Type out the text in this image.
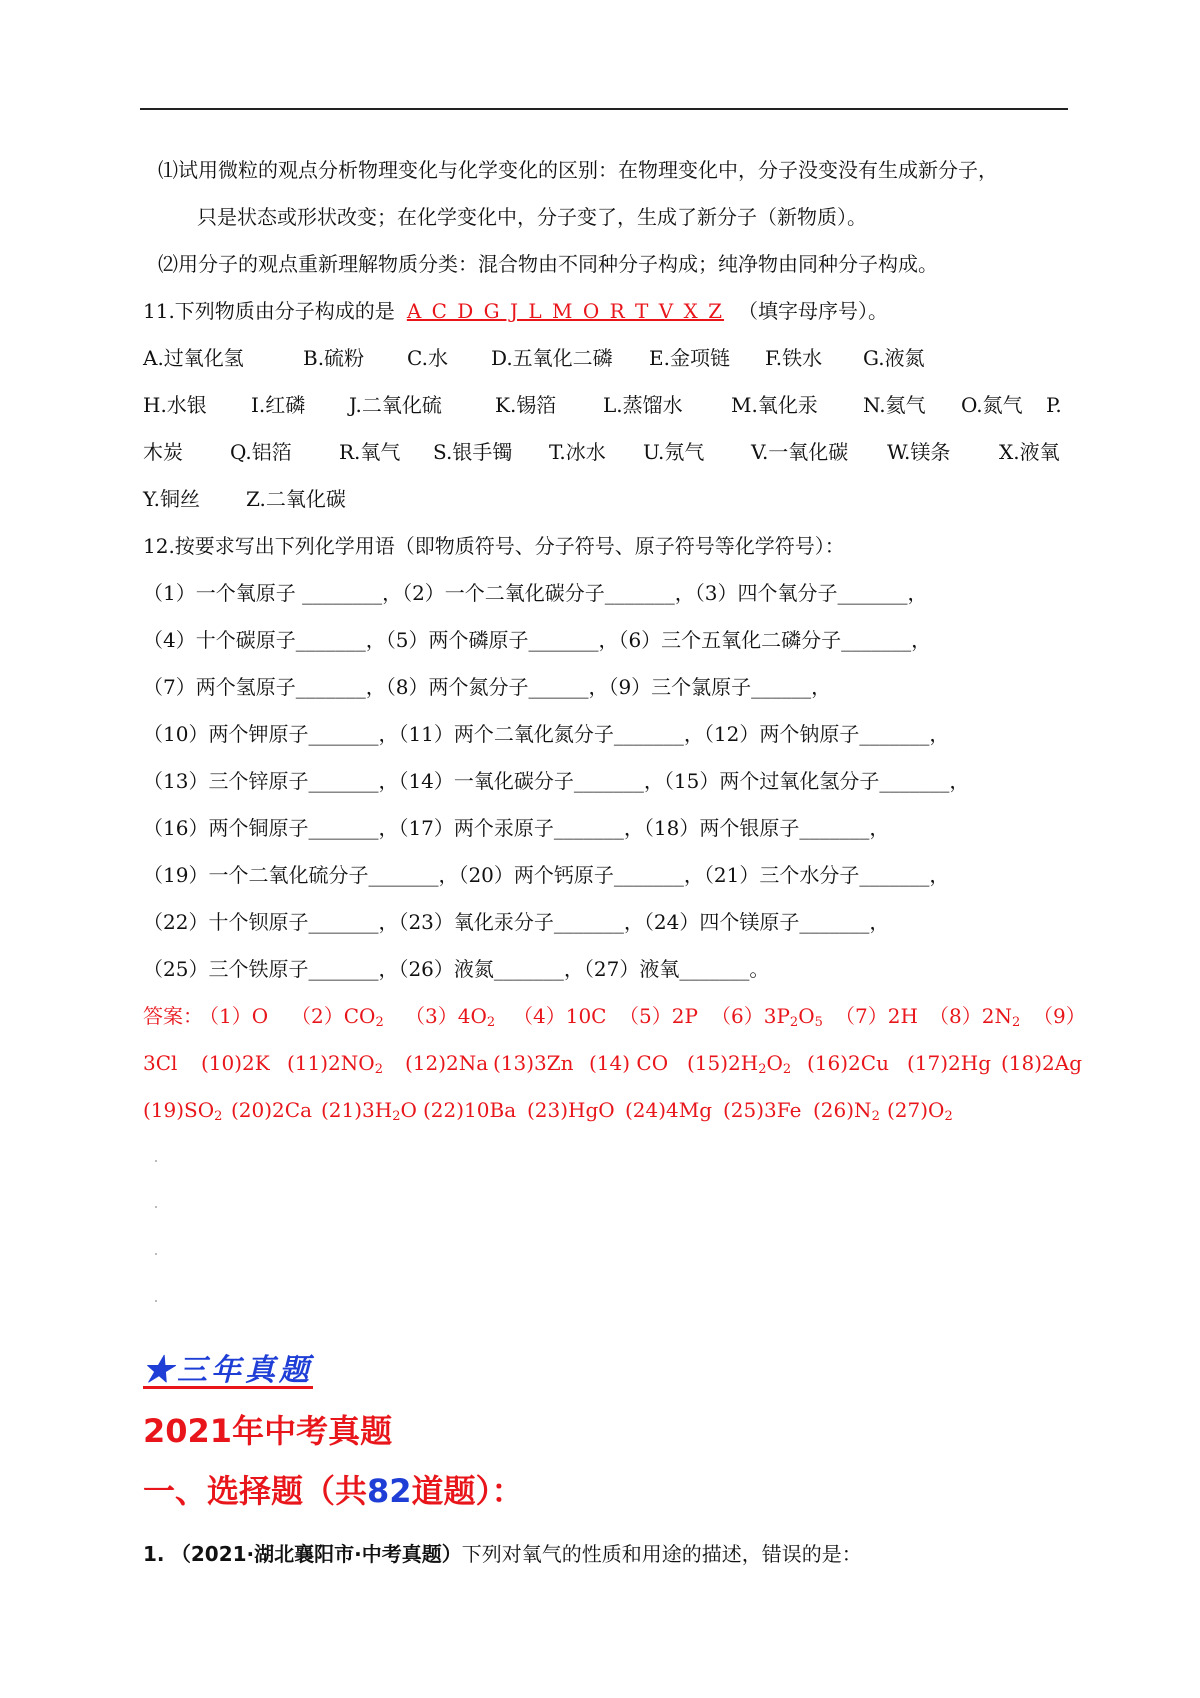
⑴试用微粒的观点分析物理变化与化学变化的区别：在物理变化中，分子没变没有生成新分子，
只是状态或形状改变；在化学变化中，分子变了，生成了新分子（新物质）。
⑵用分子的观点重新理解物质分类：混合物由不同种分子构成；纯净物由同种分子构成。
11.下列物质由分子构成的是 A C D G J L M O R T V X Z （填字母序号）。
A.过氧化氢	B.硫粉 C.水 D.五氧化二磷 E.金项链 F.铁水 G.液氮
H.水银 I.红磷 J.二氧化硫	K.锡箔 L.蒸馏水 M.氧化汞 N.氦气 O.氮气 P.
木炭 Q.铝箔 R.氧气 S.银手镯 T.冰水 U.氖气 V.一氧化碳 W.镁条 X.液氧
Y.铜丝 Z.二氧化碳
12.按要求写出下列化学用语（即物质符号、分子符号、原子符号等化学符号）：
（1）一个氧原子 ________，（2）一个二氧化碳分子_______，（3）四个氧分子_______，
（4）十个碳原子_______，（5）两个磷原子_______，（6）三个五氧化二磷分子_______，
（7）两个氢原子_______，（8）两个氮分子______，（9）三个氯原子______，
（10）两个钾原子_______，（11）两个二氧化氮分子_______，（12）两个钠原子_______，
（13）三个锌原子_______，（14）一氧化碳分子_______，（15）两个过氧化氢分子_______，
（16）两个铜原子_______，（17）两个汞原子_______，（18）两个银原子_______，
（19）一个二氧化硫分子_______，（20）两个钙原子_______，（21）三个水分子_______，
（22）十个钡原子_______，（23）氧化汞分子_______，（24）四个镁原子_______，
（25）三个铁原子_______，（26）液氮_______，（27）液氧_______。
答案：
（1）O $(2)CO_2$ $(3)4O_2$ （4）10C （5）2P $(6)3P_2O_5$ （7）2H $(8)2N_2$ （9）
3Cl (10)2K $(11)2NO_2$ (12)2Na (13)3Zn (14) CO $(15)2H_2O_2$ (16)2Cu (17)2Hg (18)2Ag
$(19)SO_2$ (20)2Ca $(21)3H_2O$ (22)10Ba (23)HgO (24)4Mg (25)3Fe $(26)N_2$ $(27)O_2$
★三年真题
2021年中考真题
一、选择题（共82道题）：
1. （2021·湖北襄阳市·中考真题）下列对氧气的性质和用途的描述，错误的是：
